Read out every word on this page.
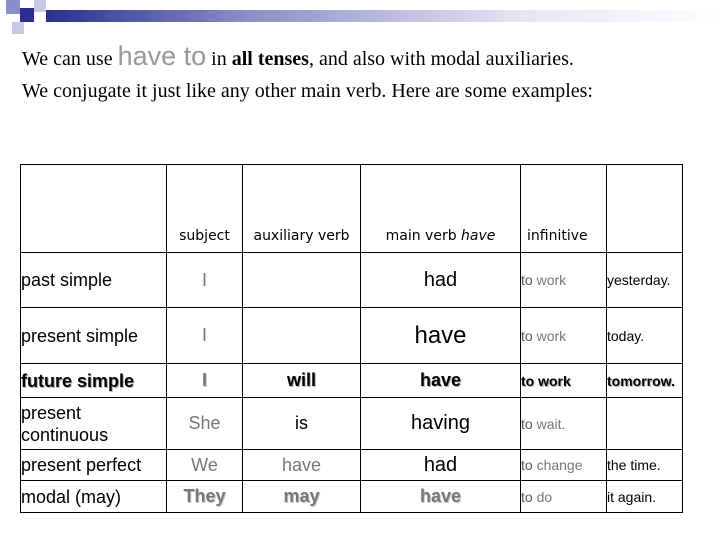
We can use have to in all tenses, and also with modal auxiliaries.
We conjugate it just like any other main verb. Here are some examples:
	subject	auxiliary verb	main verb have	infinitive	
past simple	I		had	to work	yesterday.
present simple	I		have	to work	today.
future simple	I	will	have	to work	tomorrow.
present continuous	She	is	having	to wait.	
present perfect	We	have	had	to change	the time.
modal (may)	They	may	have	to do	it again.
